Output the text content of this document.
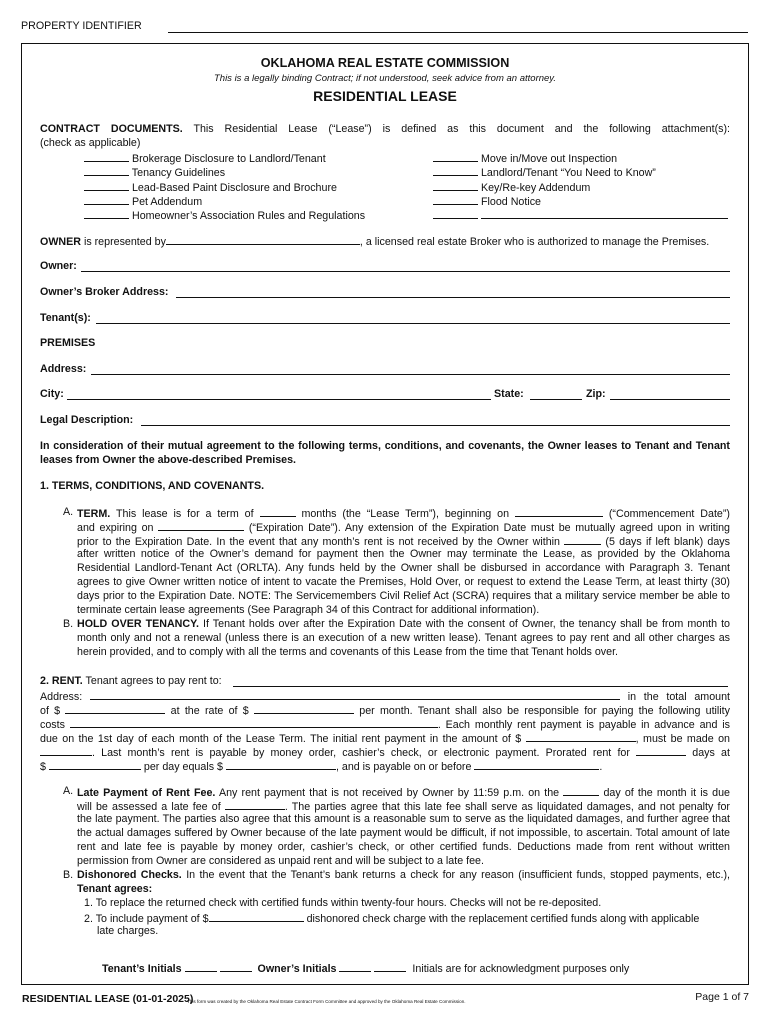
PROPERTY IDENTIFIER
OKLAHOMA REAL ESTATE COMMISSION
This is a legally binding Contract; if not understood, seek advice from an attorney.
RESIDENTIAL LEASE
CONTRACT DOCUMENTS. This Residential Lease (“Lease”) is defined as this document and the following attachment(s):
(check as applicable)
Brokerage Disclosure to Landlord/Tenant
Tenancy Guidelines
Lead-Based Paint Disclosure and Brochure
Pet Addendum
Homeowner’s Association Rules and Regulations
Move in/Move out Inspection
Landlord/Tenant “You Need to Know”
Key/Re-key Addendum
Flood Notice

OWNER is represented by	, a licensed real estate Broker who is authorized to manage the Premises.
Owner:
Owner’s Broker Address:
Tenant(s):
PREMISES
Address:
City:	State:	Zip:
Legal Description:
In consideration of their mutual agreement to the following terms, conditions, and covenants, the Owner leases to Tenant and Tenant leases from Owner the above-described Premises.
1. TERMS, CONDITIONS, AND COVENANTS.
A. TERM. This lease is for a term of	months (the “Lease Term”), beginning on	(“Commencement Date”)
and expiring on	(“Expiration Date”). Any extension of the Expiration Date must be mutually agreed upon in writing
prior to the Expiration Date. In the event that any month’s rent is not received by the Owner within	(5 days if left blank) days
after written notice of the Owner’s demand for payment then the Owner may terminate the Lease, as provided by the Oklahoma Residential Landlord-Tenant Act (ORLTA). Any funds held by the Owner shall be disbursed in accordance with Paragraph 3. Tenant agrees to give Owner written notice of intent to vacate the Premises, Hold Over, or request to extend the Lease Term, at least thirty (30) days prior to the Expiration Date. NOTE: The Servicemembers Civil Relief Act (SCRA) requires that a military service member be able to terminate certain lease agreements (See Paragraph 34 of this Contract for additional information).
B. HOLD OVER TENANCY. If Tenant holds over after the Expiration Date with the consent of Owner, the tenancy shall be from month to month only and not a renewal (unless there is an execution of a new written lease). Tenant agrees to pay rent and all other charges as herein provided, and to comply with all the terms and covenants of this Lease from the time that Tenant holds over.
2. RENT. Tenant agrees to pay rent to:
Address:	in the total amount
of $	at the rate of $	per month. Tenant shall also be responsible for paying the following utility
costs	. Each monthly rent payment is payable in advance and is
due on the 1st day of each month of the Lease Term. The initial rent payment in the amount of $	, must be made on
. Last month’s rent is payable by money order, cashier’s check, or electronic payment. Prorated rent for	days at
$	per day equals $	, and is payable on or before	.
A. Late Payment of Rent Fee. Any rent payment that is not received by Owner by 11:59 p.m. on the	day of the month it is due
will be assessed a late fee of	. The parties agree that this late fee shall serve as liquidated damages, and not penalty for
the late payment. The parties also agree that this amount is a reasonable sum to serve as the liquidated damages, and further agree that the actual damages suffered by Owner because of the late payment would be difficult, if not impossible, to ascertain. Total amount of late rent and late fee is payable by money order, cashier’s check, or other certified funds. Deductions made from rent without written permission from Owner are considered as unpaid rent and will be subject to a late fee.
B. Dishonored Checks. In the event that the Tenant’s bank returns a check for any reason (insufficient funds, stopped payments, etc.),
Tenant agrees:
1. To replace the returned check with certified funds within twenty-four hours. Checks will not be re-deposited.
2. To include payment of $	dishonored check charge with the replacement certified funds along with applicable
late charges.
Tenant’s Initials	Owner’s Initials	Initials are for acknowledgment purposes only
RESIDENTIAL LEASE (01-01-2025)
This form was created by the Oklahoma Real Estate Contract Form Committee and approved by the Oklahoma Real Estate Commission.	Page 1 of 7
